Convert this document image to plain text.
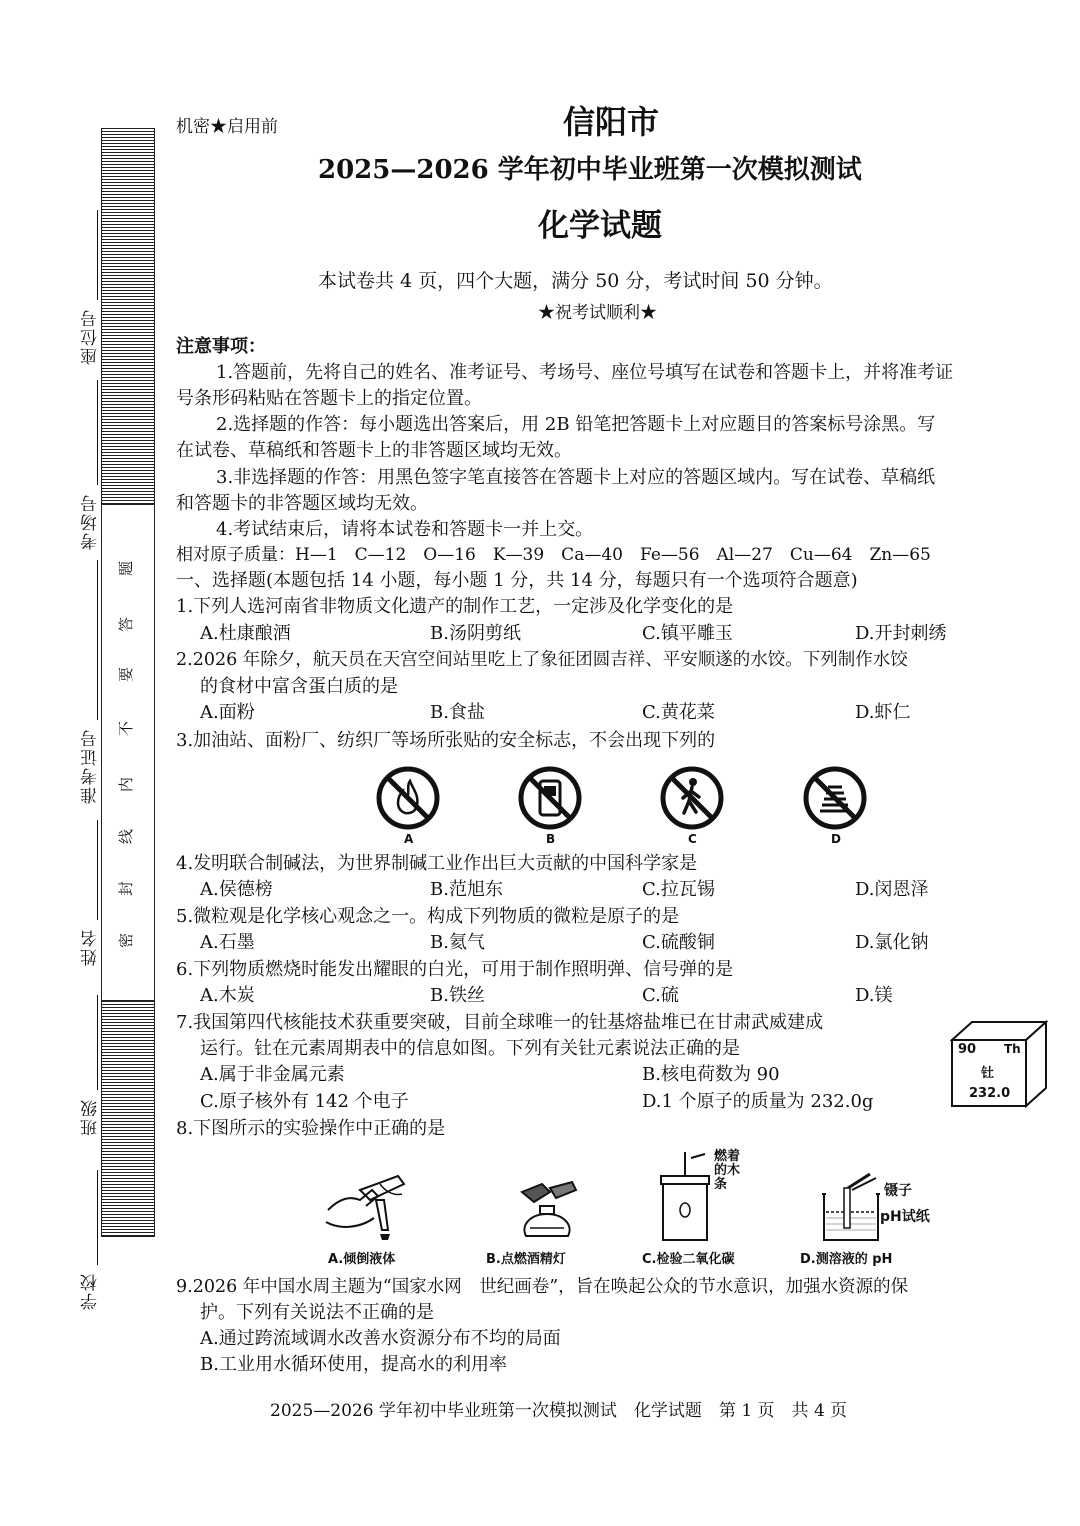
密
封
线
内
不
要
答
题
座位号
考场号
准考证号
姓名
班级
学校
机密★启用前	信阳市
2025—2026 学年初中毕业班第一次模拟测试
化学试题
本试卷共 4 页，四个大题，满分 50 分，考试时间 50 分钟。
★祝考试顺利★
注意事项：
1.答题前，先将自己的姓名、准考证号、考场号、座位号填写在试卷和答题卡上，并将准考证
号条形码粘贴在答题卡上的指定位置。
2.选择题的作答：每小题选出答案后，用 2B 铅笔把答题卡上对应题目的答案标号涂黑。写
在试卷、草稿纸和答题卡上的非答题区域均无效。
3.非选择题的作答：用黑色签字笔直接答在答题卡上对应的答题区域内。写在试卷、草稿纸
和答题卡的非答题区域均无效。
4.考试结束后，请将本试卷和答题卡一并上交。
相对原子质量：H—1　C—12　O—16　K—39　Ca—40　Fe—56　Al—27　Cu—64　Zn—65
一、选择题(本题包括 14 小题，每小题 1 分，共 14 分，每题只有一个选项符合题意)
1.下列人选河南省非物质文化遗产的制作工艺，一定涉及化学变化的是
A.杜康酿酒	B.汤阴剪纸	C.镇平雕玉	D.开封刺绣
2.2026 年除夕，航天员在天宫空间站里吃上了象征团圆吉祥、平安顺遂的水饺。下列制作水饺
的食材中富含蛋白质的是
A.面粉	B.食盐	C.黄花菜	D.虾仁
3.加油站、面粉厂、纺织厂等场所张贴的安全标志，不会出现下列的
A	B	C	D
4.发明联合制碱法，为世界制碱工业作出巨大贡献的中国科学家是
A.侯德榜	B.范旭东	C.拉瓦锡	D.闵恩泽
5.微粒观是化学核心观念之一。构成下列物质的微粒是原子的是
A.石墨	B.氦气	C.硫酸铜	D.氯化钠
6.下列物质燃烧时能发出耀眼的白光，可用于制作照明弹、信号弹的是
A.木炭	B.铁丝	C.硫	D.镁
7.我国第四代核能技术获重要突破，目前全球唯一的钍基熔盐堆已在甘肃武威建成
运行。钍在元素周期表中的信息如图。下列有关钍元素说法正确的是
A.属于非金属元素	B.核电荷数为 90
C.原子核外有 142 个电子	D.1 个原子的质量为 232.0g
90 Th
钍
232.0
8.下图所示的实验操作中正确的是
燃着的木条	镊子
pH试纸
A.倾倒液体	B.点燃酒精灯	C.检验二氧化碳	D.测溶液的 pH
9.2026 年中国水周主题为“国家水网　世纪画卷”，旨在唤起公众的节水意识，加强水资源的保
护。下列有关说法不正确的是
A.通过跨流域调水改善水资源分布不均的局面
B.工业用水循环使用，提高水的利用率
2025—2026 学年初中毕业班第一次模拟测试　化学试题　第 1 页　共 4 页
